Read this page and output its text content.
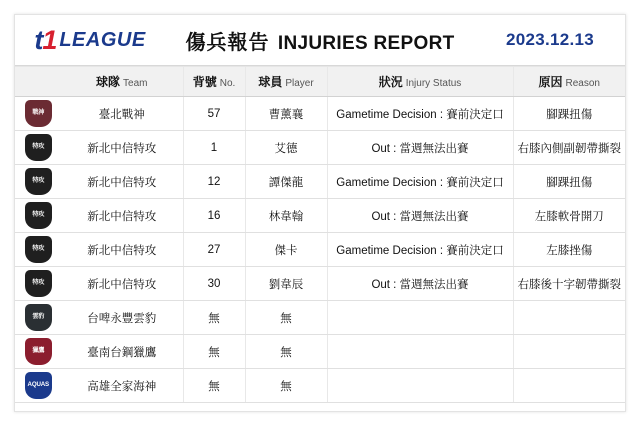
t1 LEAGUE	傷兵報告 INJURIES REPORT	2023.12.13
	球隊 Team	背號 No.	球員 Player	狀況 Injury Status	原因 Reason

戰神	臺北戰神	57	曹薰襄	Gametime Decision : 賽前決定口	腳踝扭傷

特攻	新北中信特攻	1	艾德	Out : 當週無法出賽	右膝內側副韌帶撕裂

特攻	新北中信特攻	12	譚傑龍	Gametime Decision : 賽前決定口	腳踝扭傷

特攻	新北中信特攻	16	林韋翰	Out : 當週無法出賽	左膝軟骨開刀

特攻	新北中信特攻	27	傑卡	Gametime Decision : 賽前決定口	左膝挫傷

特攻	新北中信特攻	30	劉韋辰	Out : 當週無法出賽	右膝後十字韌帶撕裂

雲豹	台啤永豐雲豹	無	無		

獵鷹	臺南台鋼獵鷹	無	無		

AQUAS	高雄全家海神	無	無		
